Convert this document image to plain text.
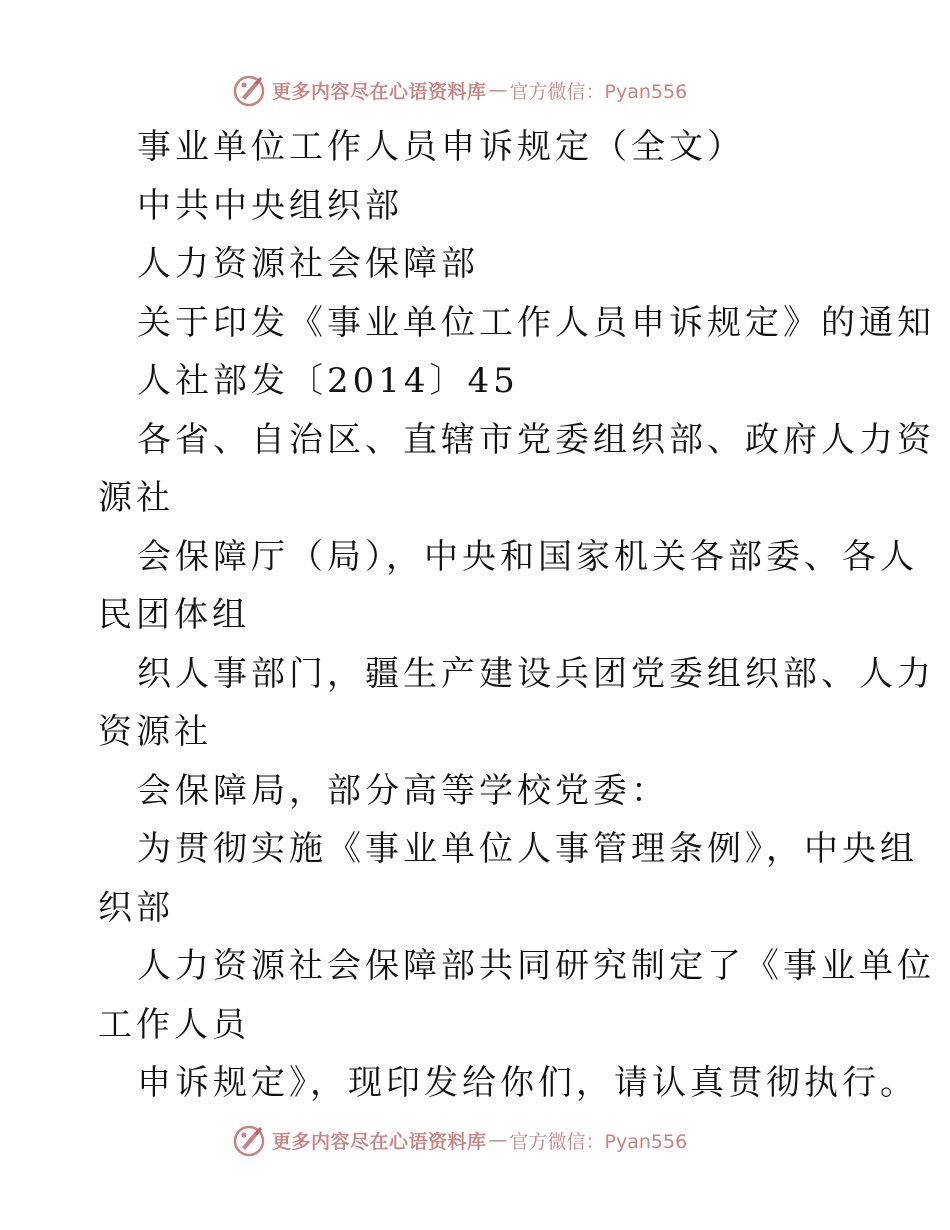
更多内容尽在心语资料库 — 官方微信：Pyan556
事业单位工作人员申诉规定（全文）
中共中央组织部
人力资源社会保障部
关于印发《事业单位工作人员申诉规定》的通知
人社部发〔2014〕45
各省、自治区、直辖市党委组织部、政府人力资
源社
会保障厅（局），中央和国家机关各部委、各人
民团体组
织人事部门，疆生产建设兵团党委组织部、人力
资源社
会保障局，部分高等学校党委：
为贯彻实施《事业单位人事管理条例》，中央组
织部
人力资源社会保障部共同研究制定了《事业单位
工作人员
申诉规定》，现印发给你们，请认真贯彻执行。
更多内容尽在心语资料库 — 官方微信：Pyan556
